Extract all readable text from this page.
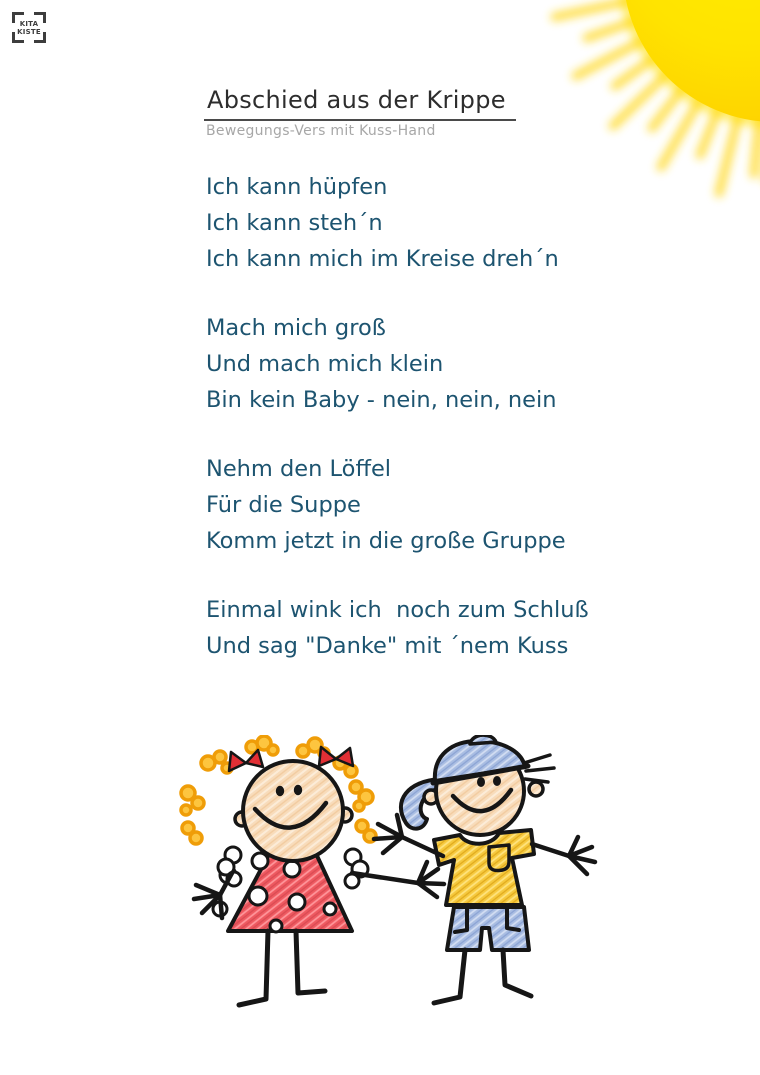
KITA
KISTE
Abschied aus der Krippe
Bewegungs-Vers mit Kuss-Hand

Ich kann hüpfen

Ich kann steh´n

Ich kann mich im Kreise dreh´n

Mach mich groß

Und mach mich klein

Bin kein Baby - nein, nein, nein

Nehm den Löffel

Für die Suppe

Komm jetzt in die große Gruppe

Einmal wink ich  noch zum Schluß

Und sag "Danke" mit ´nem Kuss
